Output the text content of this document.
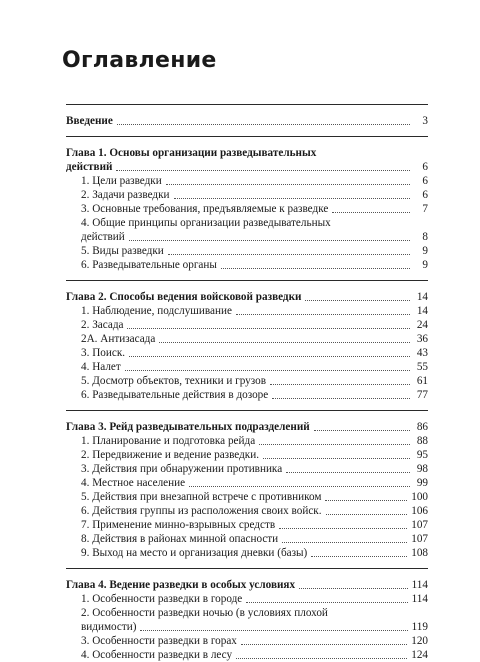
Оглавление
Введение	3
Глава 1. Основы организации разведывательных
действий	6
1. Цели разведки	6
2. Задачи разведки	6
3. Основные требования, предъявляемые к разведке	7
4. Общие принципы организации разведывательных
действий	8
5. Виды разведки	9
6. Разведывательные органы	9
Глава 2. Способы ведения войсковой разведки	14
1. Наблюдение, подслушивание	14
2. Засада	24
2А. Антизасада	36
3. Поиск.	43
4. Налет	55
5. Досмотр объектов, техники и грузов	61
6. Разведывательные действия в дозоре	77
Глава 3. Рейд разведывательных подразделений	86
1. Планирование и подготовка рейда	88
2. Передвижение и ведение разведки.	95
3. Действия при обнаружении противника	98
4. Местное население	99
5. Действия при внезапной встрече с противником	100
6. Действия группы из расположения своих войск.	106
7. Применение минно-взрывных средств	107
8. Действия в районах минной опасности	107
9. Выход на место и организация дневки (базы)	108
Глава 4. Ведение разведки в особых условиях	114
1. Особенности разведки в городе	114
2. Особенности разведки ночью (в условиях плохой
видимости)	119
3. Особенности разведки в горах	120
4. Особенности разведки в лесу	124
